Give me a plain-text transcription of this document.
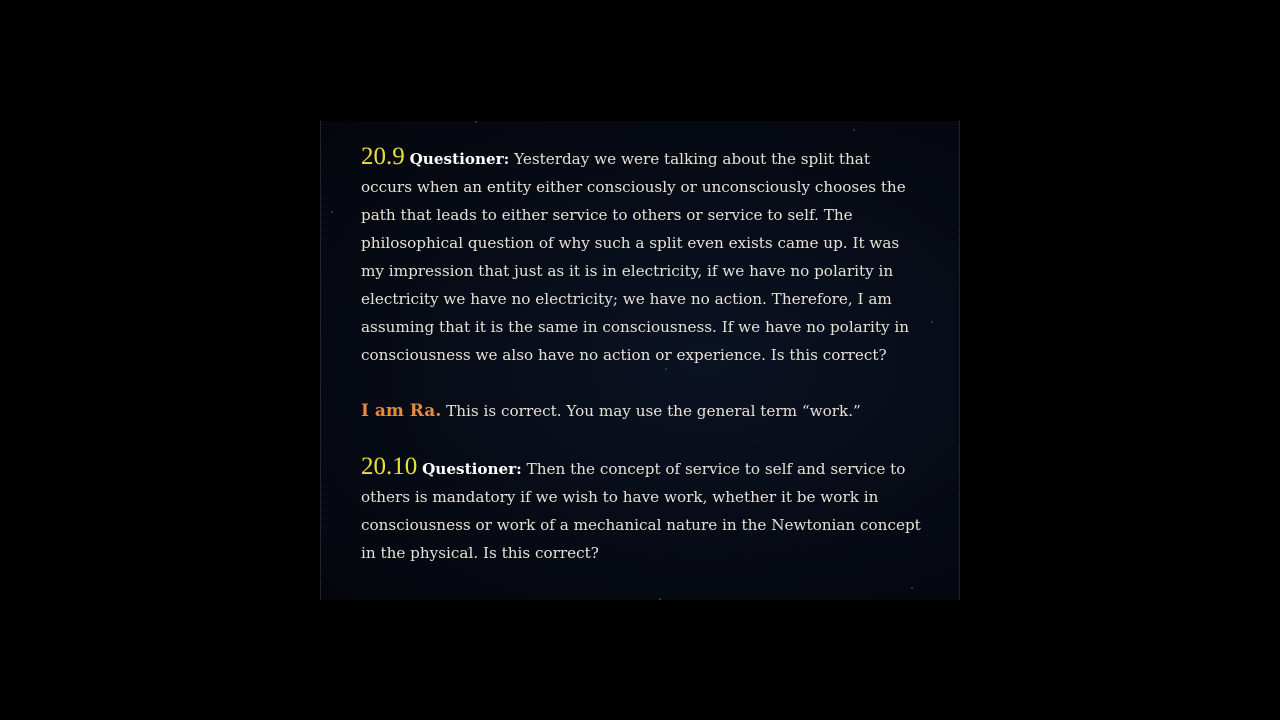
20.9 Questioner: Yesterday we were talking about the split that occurs when an entity either consciously or unconsciously chooses the path that leads to either service to others or service to self. The philosophical question of why such a split even exists came up. It was my impression that just as it is in electricity, if we have no polarity in electricity we have no electricity; we have no action. Therefore, I am assuming that it is the same in consciousness. If we have no polarity in consciousness we also have no action or experience. Is this correct?

I am Ra. This is correct. You may use the general term “work.”

20.10 Questioner: Then the concept of service to self and service to others is mandatory if we wish to have work, whether it be work in consciousness or work of a mechanical nature in the Newtonian concept in the physical. Is this correct?
